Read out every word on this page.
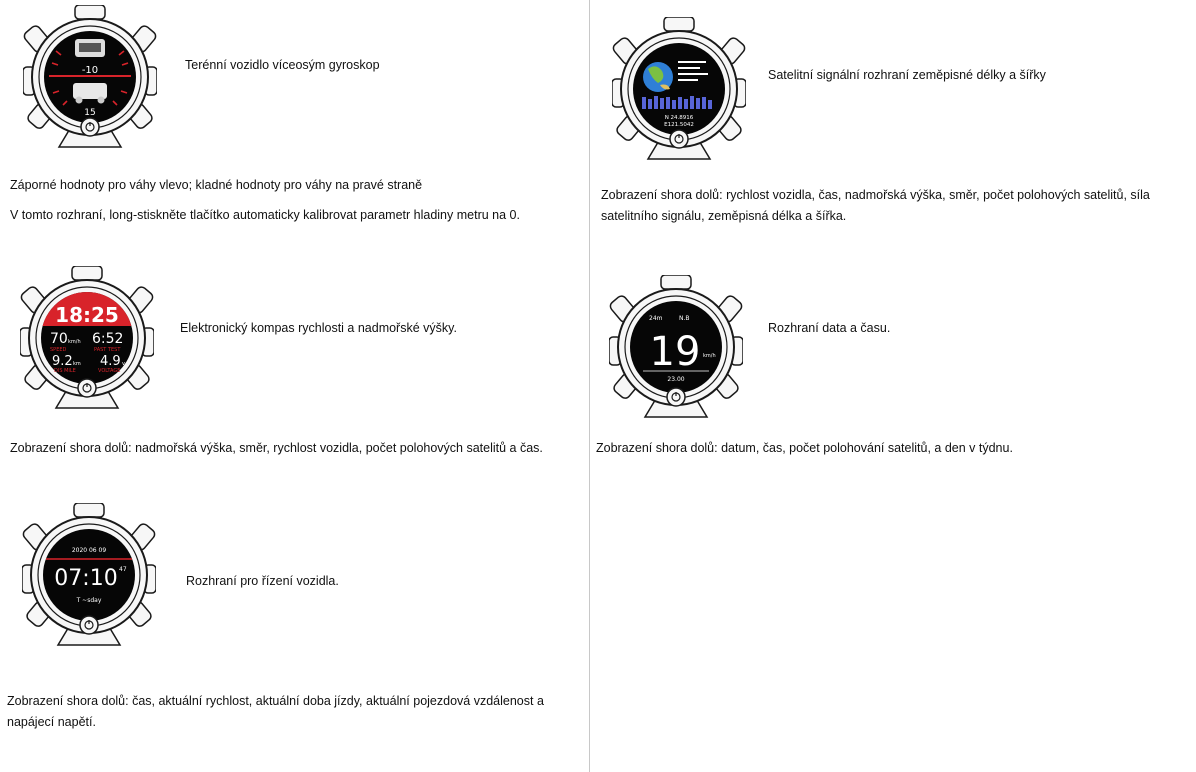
-10
15
Terénní vozidlo víceosým gyroskop
Záporné hodnoty pro váhy vlevo; kladné hodnoty pro váhy na pravé straně
V tomto rozhraní, long-stiskněte tlačítko automaticky kalibrovat parametr hladiny metru na 0.
18:25
70 km/h 6:52
SPEED	PAST TEST
9.2 km 4.9 v
DIS MILE	VOLTAGE
Elektronický kompas rychlosti a nadmořské výšky.
Zobrazení shora dolů: nadmořská výška, směr, rychlost vozidla, počet polohových satelitů a čas.
2020 06 09
07:10 47
T ~sday
Rozhraní pro řízení vozidla.
Zobrazení shora dolů: čas, aktuální rychlost, aktuální doba jízdy, aktuální pojezdová vzdálenost a napájecí napětí.
N 24.8916
E121.5042
Satelitní signální rozhraní zeměpisné délky a šířky
Zobrazení shora dolů: rychlost vozidla, čas, nadmořská výška, směr, počet polohových satelitů, síla satelitního signálu, zeměpisná délka a šířka.
24m	N.B
19 km/h
23.00
Rozhraní data a času.
Zobrazení shora dolů: datum, čas, počet polohování satelitů, a den v týdnu.
